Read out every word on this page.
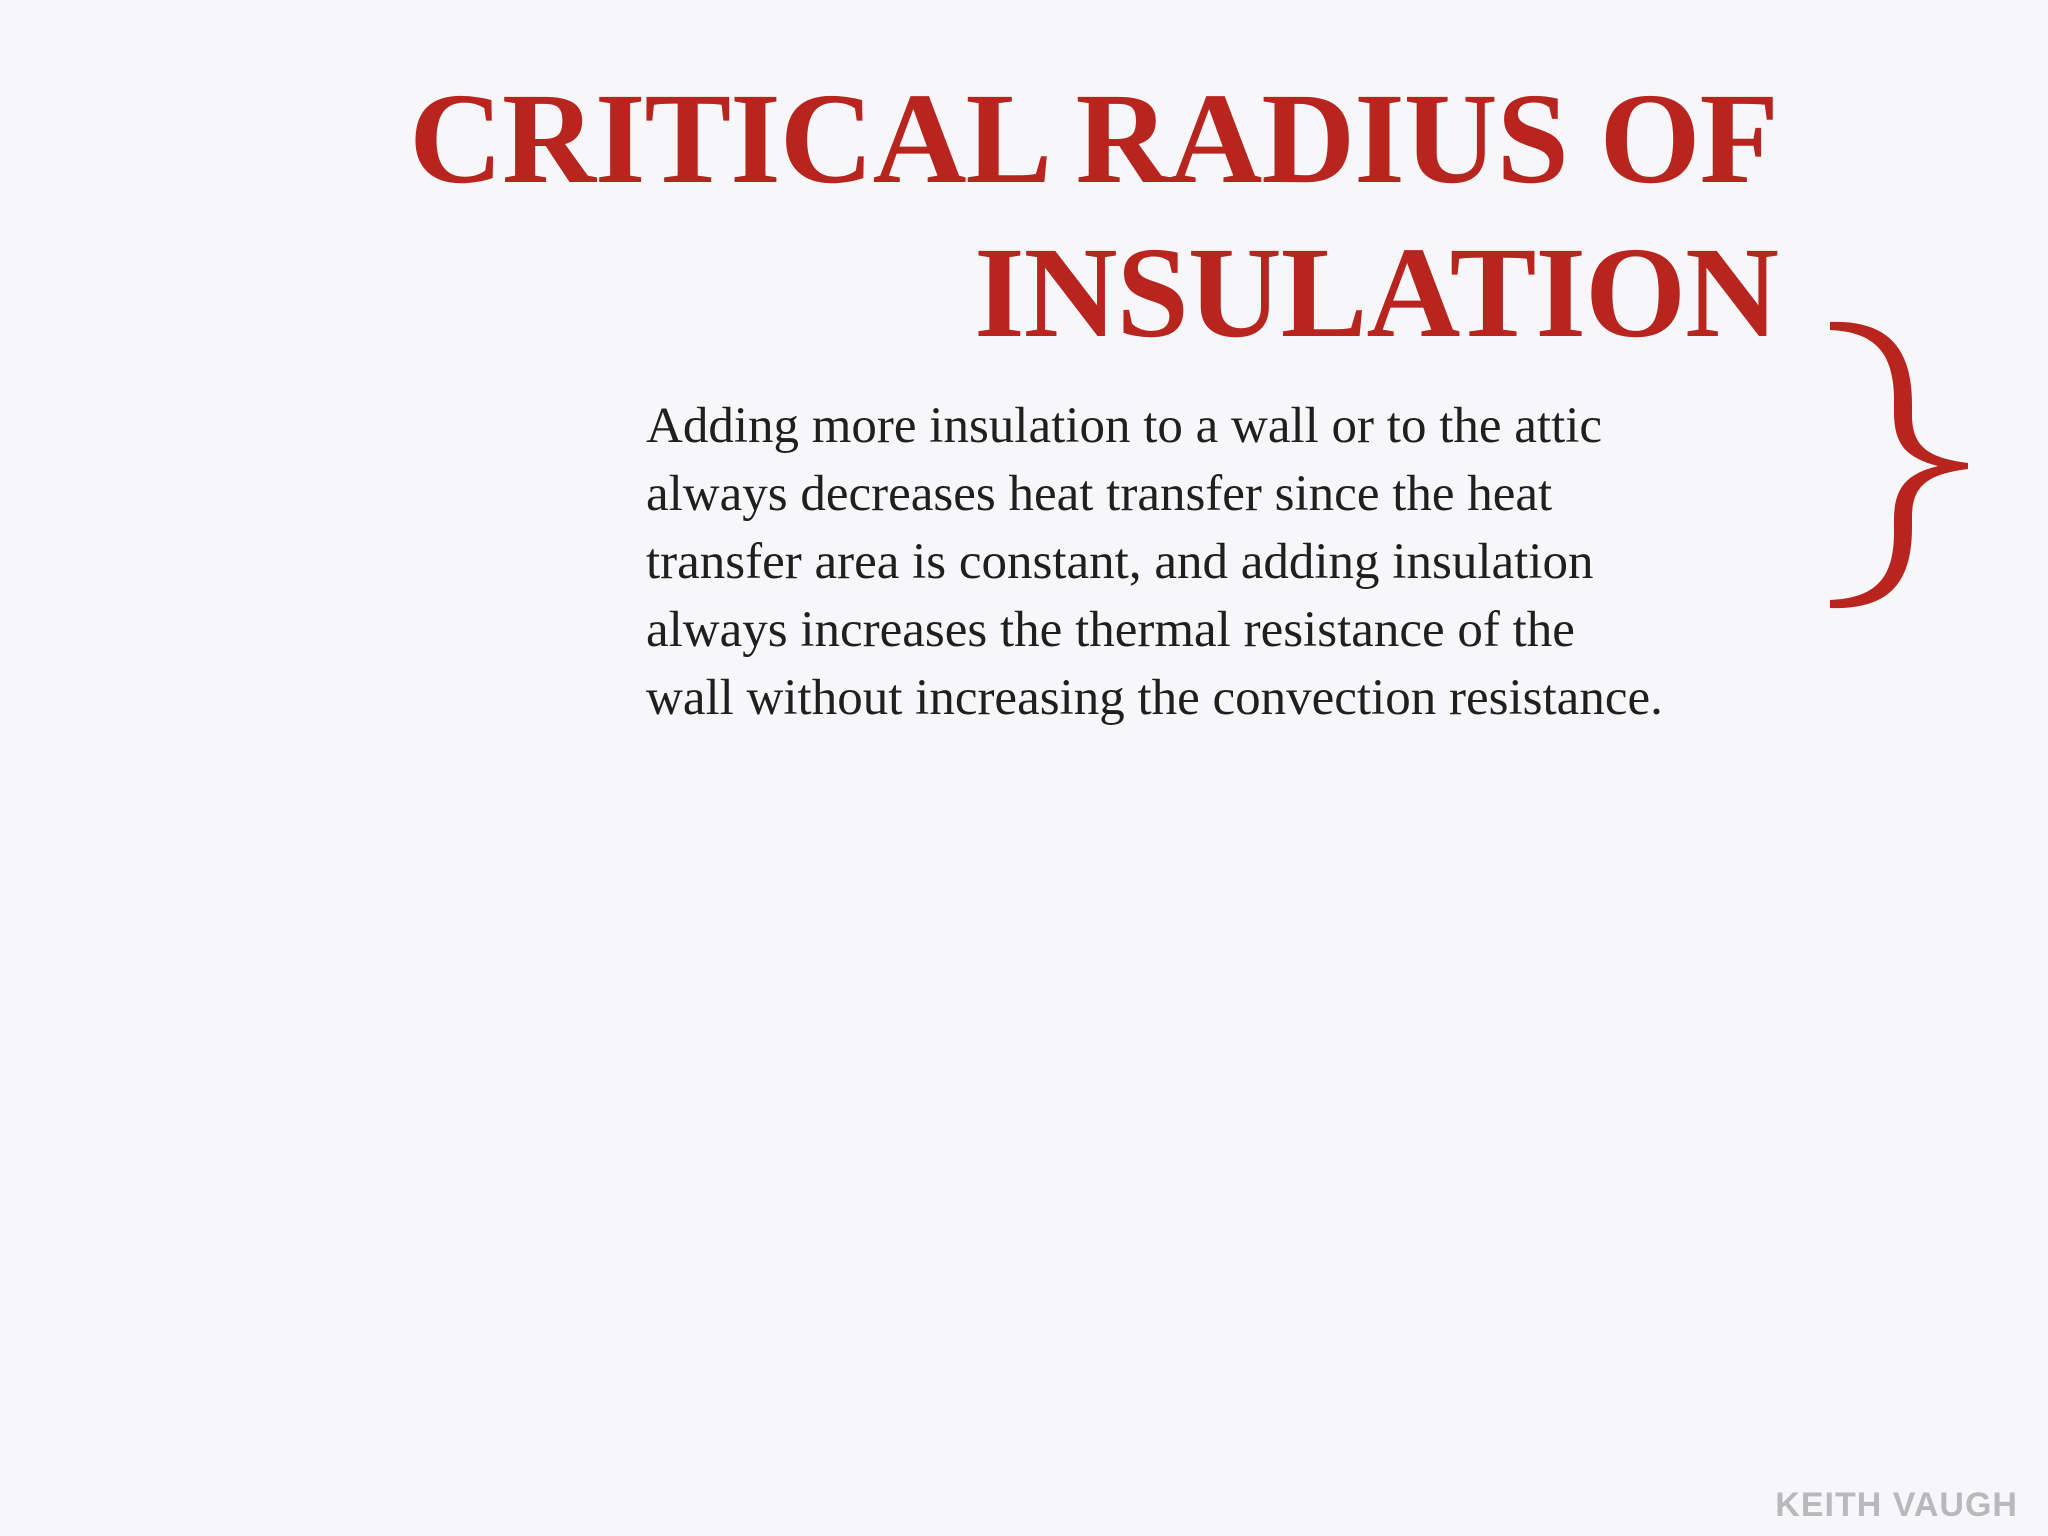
CRITICAL RADIUS OF
INSULATION
Adding more insulation to a wall or to the attic
always decreases heat transfer since the heat
transfer area is constant, and adding insulation
always increases the thermal resistance of the
wall without increasing the convection resistance.
KEITH VAUGH
